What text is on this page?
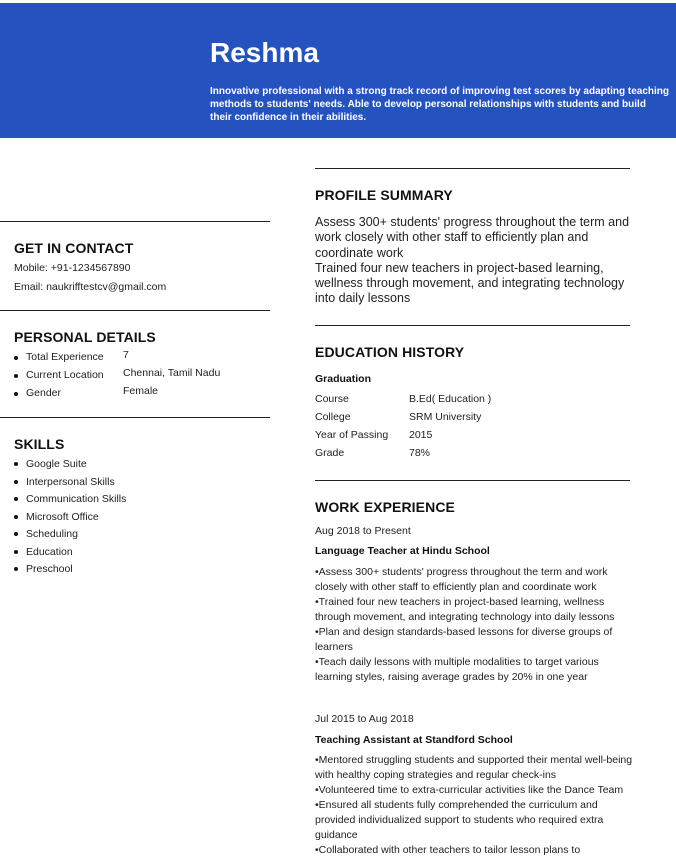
Reshma
Innovative professional with a strong track record of improving test scores by adapting teaching methods to students' needs. Able to develop personal relationships with students and build their confidence in their abilities.
GET IN CONTACT
Mobile: +91-1234567890
Email: naukrifftestcv@gmail.com
PERSONAL DETAILS
Total Experience 7
Current Location Chennai, Tamil Nadu
Gender	Female
SKILLS
Google Suite
Interpersonal Skills
Communication Skills
Microsoft Office
Scheduling
Education
Preschool
PROFILE SUMMARY
Assess 300+ students' progress throughout the term and work closely with other staff to efficiently plan and coordinate work
Trained four new teachers in project-based learning, wellness through movement, and integrating technology into daily lessons
EDUCATION HISTORY
Graduation
Course	B.Ed( Education )
College	SRM University
Year of Passing 2015
Grade	78%
WORK EXPERIENCE
Aug 2018 to Present
Language Teacher at Hindu School
•Assess 300+ students' progress throughout the term and work closely with other staff to efficiently plan and coordinate work
•Trained four new teachers in project-based learning, wellness through movement, and integrating technology into daily lessons
•Plan and design standards-based lessons for diverse groups of learners
•Teach daily lessons with multiple modalities to target various learning styles, raising average grades by 20% in one year
Jul 2015 to Aug 2018
Teaching Assistant at Standford School
•Mentored struggling students and supported their mental well-being with healthy coping strategies and regular check-ins
•Volunteered time to extra-curricular activities like the Dance Team
•Ensured all students fully comprehended the curriculum and provided individualized support to students who required extra guidance
•Collaborated with other teachers to tailor lesson plans to
